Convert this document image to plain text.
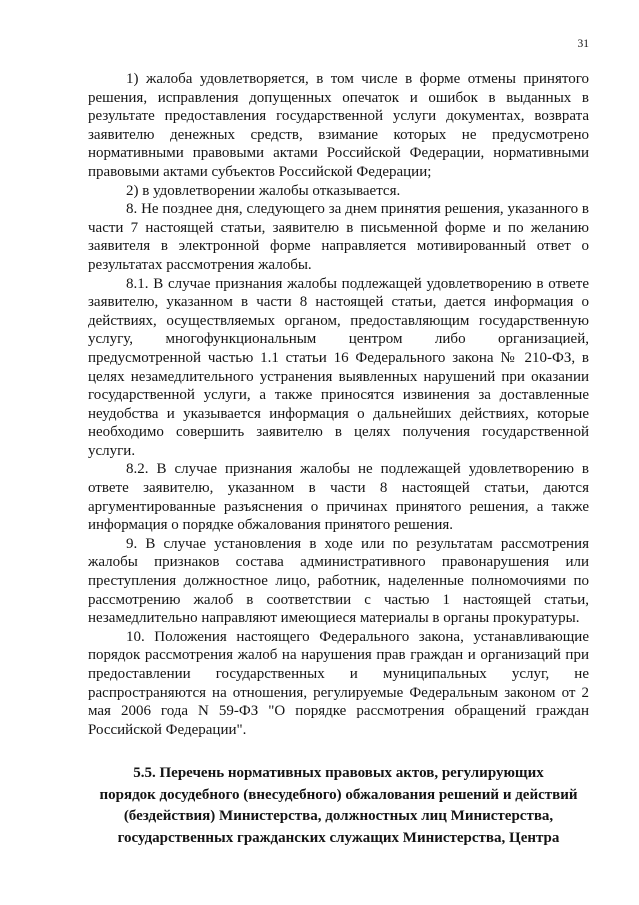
31

1) жалоба удовлетворяется, в том числе в форме отмены принятого решения, исправления допущенных опечаток и ошибок в выданных в результате предоставления государственной услуги документах, возврата заявителю денежных средств, взимание которых не предусмотрено нормативными правовыми актами Российской Федерации, нормативными правовыми актами субъектов Российской Федерации;

2) в удовлетворении жалобы отказывается.

8. Не позднее дня, следующего за днем принятия решения, указанного в части 7 настоящей статьи, заявителю в письменной форме и по желанию заявителя в электронной форме направляется мотивированный ответ о результатах рассмотрения жалобы.

8.1. В случае признания жалобы подлежащей удовлетворению в ответе заявителю, указанном в части 8 настоящей статьи, дается информация о действиях, осуществляемых органом, предоставляющим государственную услугу, многофункциональным центром либо организацией, предусмотренной частью 1.1 статьи 16 Федерального закона № 210-ФЗ, в целях незамедлительного устранения выявленных нарушений при оказании государственной услуги, а также приносятся извинения за доставленные неудобства и указывается информация о дальнейших действиях, которые необходимо совершить заявителю в целях получения государственной услуги.

8.2. В случае признания жалобы не подлежащей удовлетворению в ответе заявителю, указанном в части 8 настоящей статьи, даются аргументированные разъяснения о причинах принятого решения, а также информация о порядке обжалования принятого решения.

9. В случае установления в ходе или по результатам рассмотрения жалобы признаков состава административного правонарушения или преступления должностное лицо, работник, наделенные полномочиями по рассмотрению жалоб в соответствии с частью 1 настоящей статьи, незамедлительно направляют имеющиеся материалы в органы прокуратуры.

10. Положения настоящего Федерального закона, устанавливающие порядок рассмотрения жалоб на нарушения прав граждан и организаций при предоставлении государственных и муниципальных услуг, не распространяются на отношения, регулируемые Федеральным законом от 2 мая 2006 года N 59-ФЗ "О порядке рассмотрения обращений граждан Российской Федерации".

5.5. Перечень нормативных правовых актов, регулирующих
порядок досудебного (внесудебного) обжалования решений и действий
(бездействия) Министерства, должностных лиц Министерства,
государственных гражданских служащих Министерства, Центра
